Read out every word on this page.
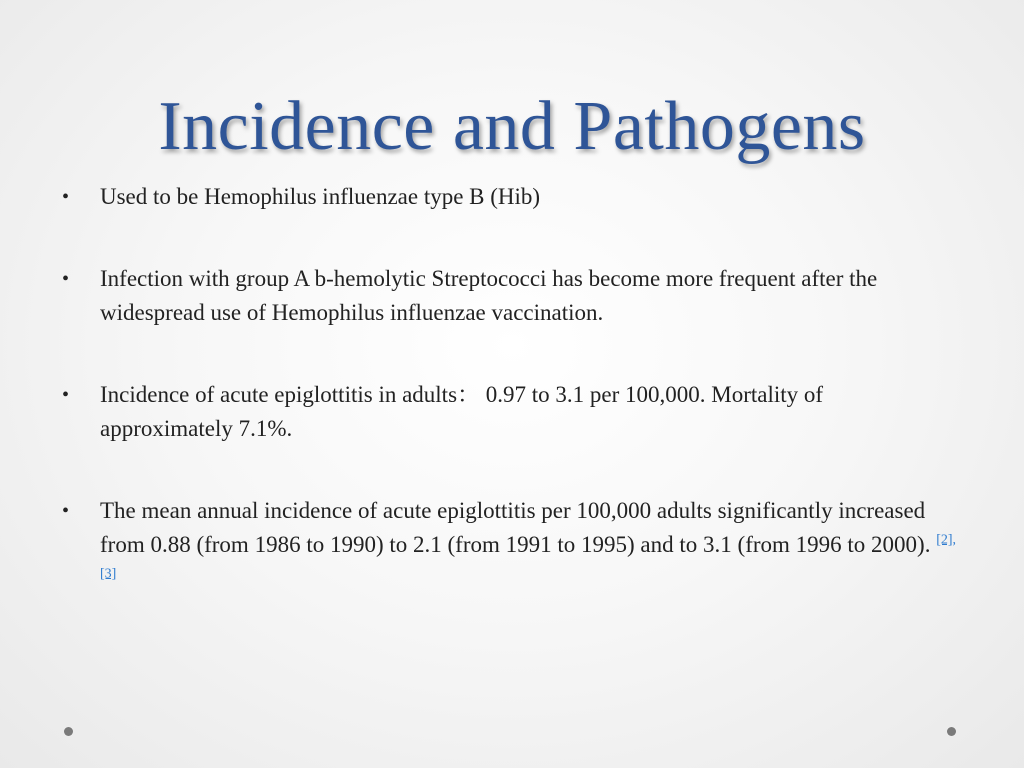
Incidence and Pathogens
• Used to be Hemophilus influenzae type B (Hib)
• Infection with group A b-hemolytic Streptococci has become more frequent after the widespread use of Hemophilus influenzae vaccination.
• Incidence of acute epiglottitis in adults： 0.97 to 3.1 per 100,000. Mortality of approximately 7.1%.
• The mean annual incidence of acute epiglottitis per 100,000 adults significantly increased from 0.88 (from 1986 to 1990) to 2.1 (from 1991 to 1995) and to 3.1 (from 1996 to 2000). [2],[3]
